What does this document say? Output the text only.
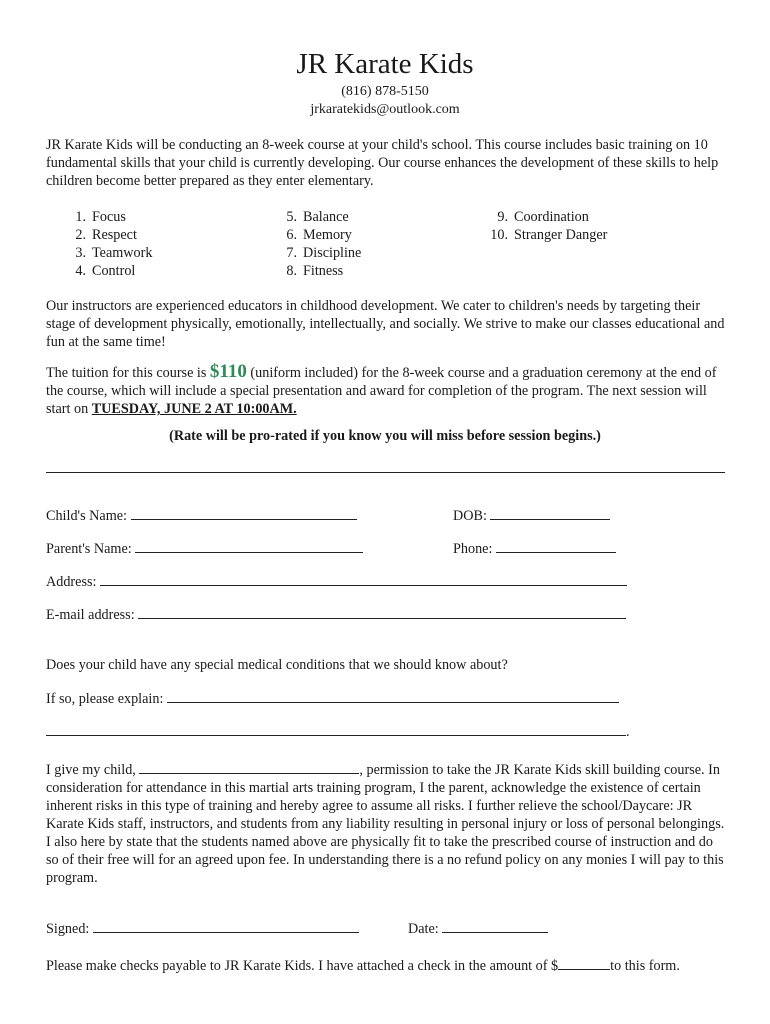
JR Karate Kids
(816) 878-5150
jrkaratekids@outlook.com
JR Karate Kids will be conducting an 8-week course at your child's school. This course includes basic training on 10 fundamental skills that your child is currently developing. Our course enhances the development of these skills to help children become better prepared as they enter elementary.
1. Focus
2. Respect
3. Teamwork
4. Control
5. Balance
6. Memory
7. Discipline
8. Fitness
9. Coordination
10. Stranger Danger
Our instructors are experienced educators in childhood development. We cater to children's needs by targeting their stage of development physically, emotionally, intellectually, and socially. We strive to make our classes educational and fun at the same time!
The tuition for this course is $110 (uniform included) for the 8-week course and a graduation ceremony at the end of the course, which will include a special presentation and award for completion of the program. The next session will start on TUESDAY, JUNE 2 AT 10:00AM.
(Rate will be pro-rated if you know you will miss before session begins.)
Child's Name:	DOB:
Parent's Name:	Phone:
Address:
E-mail address:
Does your child have any special medical conditions that we should know about?
If so, please explain:
.
I give my child,	, permission to take the JR Karate Kids skill building course. In consideration for attendance in this martial arts training program, I the parent, acknowledge the existence of certain inherent risks in this type of training and hereby agree to assume all risks. I further relieve the school/Daycare: JR Karate Kids staff, instructors, and students from any liability resulting in personal injury or loss of personal belongings. I also here by state that the students named above are physically fit to take the prescribed course of instruction and do so of their free will for an agreed upon fee. In understanding there is a no refund policy on any monies I will pay to this program.
Signed:	Date:
Please make checks payable to JR Karate Kids. I have attached a check in the amount of $	to this form.
